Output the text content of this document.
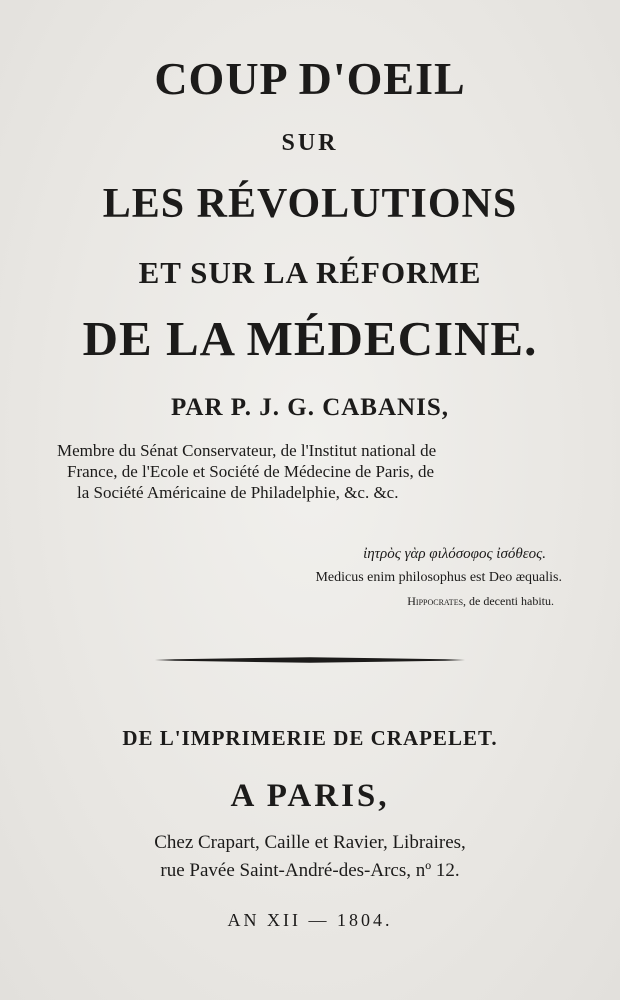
COUP D'OEIL
SUR
LES RÉVOLUTIONS
ET SUR LA RÉFORME
DE LA MÉDECINE.
PAR P. J. G. CABANIS,
Membre du Sénat Conservateur, de l'Institut national de
France, de l'Ecole et Société de Médecine de Paris, de
la Société Américaine de Philadelphie, &c. &c.
ἰητρὸς γὰρ φιλόσοφος ἰσόθεος.
Medicus enim philosophus est Deo æqualis.
Hippocrates, de decenti habitu.
DE L'IMPRIMERIE DE CRAPELET.
A PARIS,
Chez Crapart, Caille et Ravier, Libraires,
rue Pavée Saint-André-des-Arcs, nº 12.
AN XII — 1804.
